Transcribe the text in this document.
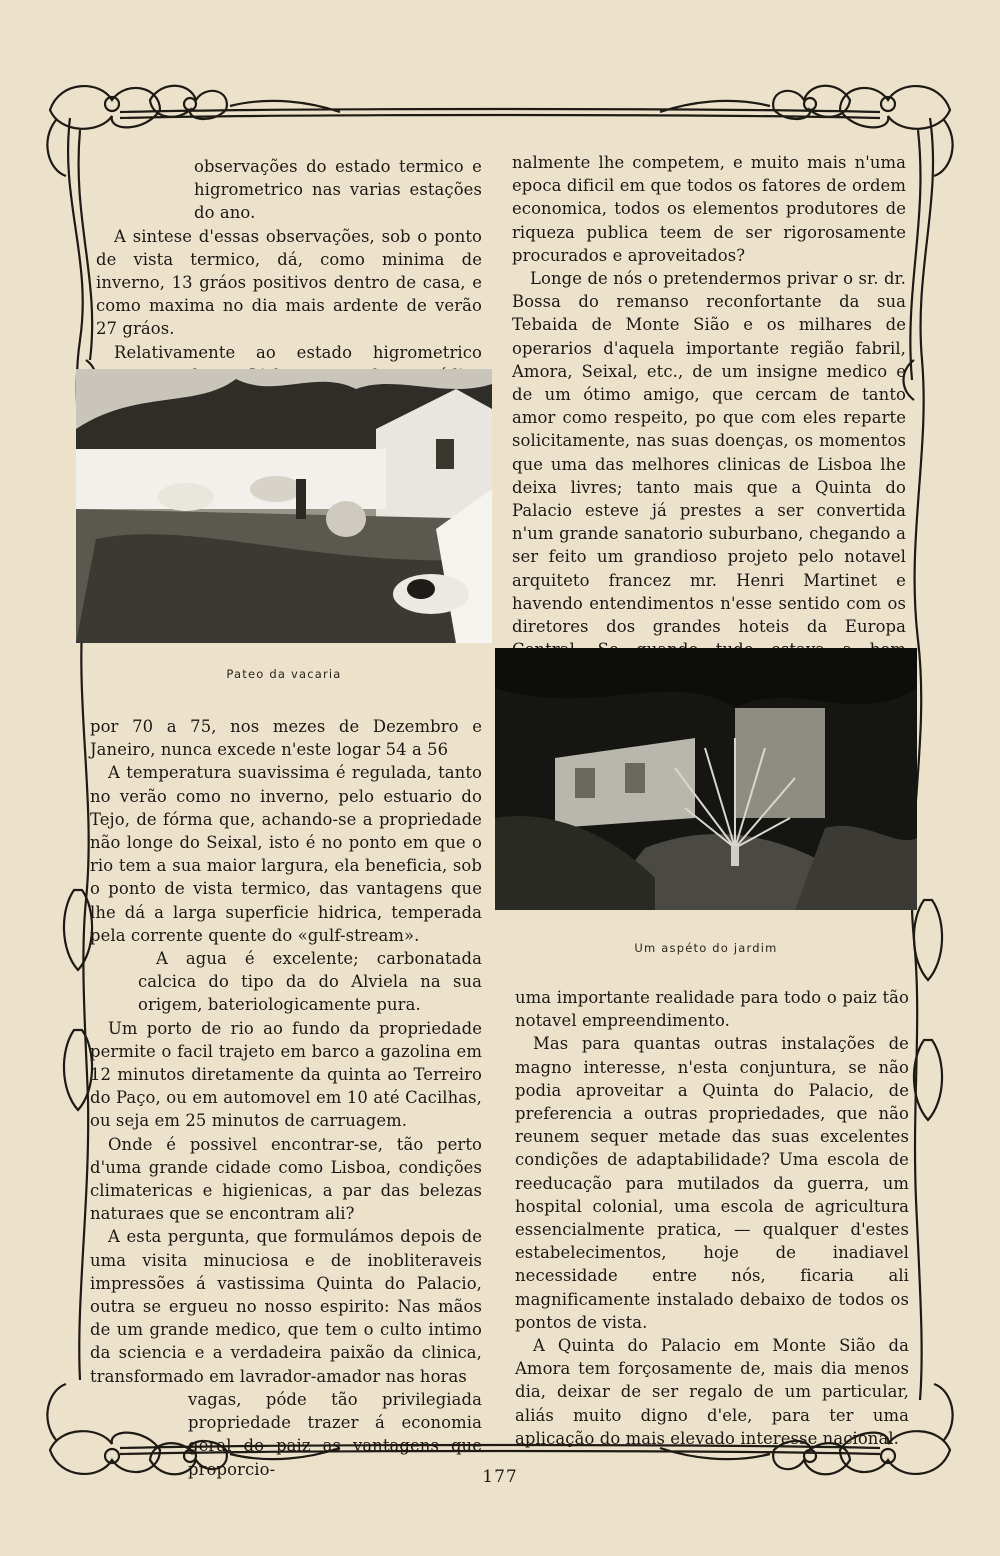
observações do estado termico e higrometrico nas varias estações do ano.

A sintese d'essas observações, sob o ponto de vista termico, dá, como minima de inverno, 13 gráos positivos dentro de casa, e como maxima no dia mais ardente de verão 27 gráos.

Relativamente ao estado higrometrico

Pateo da vacaria

por 70 a 75, nos mezes de Dezembro e Janeiro, nunca excede n'este logar 54 a 56

A temperatura suavissima é regulada, tanto no verão como no inverno, pelo estuario do Tejo, de fórma que, achando-se a propriedade não longe do Seixal, isto é no ponto em que o rio tem a sua maior largura, ela beneficia, sob o ponto de vista termico, das vantagens que lhe dá a larga superficie hidrica, temperada pela corrente quente do «gulf-stream».

A agua é excelente; carbonatada calcica do tipo da do Alviela na sua origem, bateriologicamente pura.

Um porto de rio ao fundo da propriedade permite o facil trajeto em barco a gazolina em 12 minutos diretamente da quinta ao Terreiro do Paço, ou em automovel em 10 até Cacilhas, ou seja em 25 minutos de carruagem.

Onde é possivel encontrar-se, tão perto d'uma grande cidade como Lisboa, condições climatericas e higienicas, a par das belezas naturaes que se encontram ali?

A esta pergunta, que formulámos depois de uma visita minuciosa e de inobliteraveis impressões á vastissima Quinta do Palacio, outra se ergueu no nosso espirito: Nas mãos de um grande medico, que tem o culto intimo da sciencia e a verdadeira paixão da clinica, transformado em lavrador-amador nas horas

vagas, póde tão privilegiada propriedade trazer á economia geral do paiz as vantagens que proporcio-

nalmente lhe competem, e muito mais n'uma epoca dificil em que todos os fatores de ordem economica, todos os elementos produtores de riqueza publica teem de ser rigorosamente procurados e aproveitados?

Longe de nós o pretendermos privar o sr. dr. Bossa do remanso reconfortante da sua Tebaida de Monte Sião e os milhares de operarios d'aquela importante região fabril, Amora, Seixal, etc., de um insigne medico e de um ótimo amigo, que cercam de tanto amor como respeito, po que com eles reparte solicitamente, nas suas doenças, os momentos que uma das melhores clinicas de Lisboa lhe deixa livres; tanto mais que a Quinta do Palacio esteve já prestes a ser convertida n'um grande sanatorio suburbano, chegando a ser feito um grandioso projeto pelo notavel arquiteto francez mr. Henri Martinet e havendo entendimentos n'esse sentido com os diretores dos grandes hoteis da Europa

Um aspéto do jardim

uma importante realidade para todo o paiz tão notavel empreendimento.

Mas para quantas outras instalações de magno interesse, n'esta conjuntura, se não podia aproveitar a Quinta do Palacio, de preferencia a outras propriedades, que não reunem sequer metade das suas excelentes condições de adaptabilidade? Uma escola de reeducação para mutilados da guerra, um hospital colonial, uma escola de agricultura essencialmente pratica, — qualquer d'estes estabelecimentos, hoje de inadiavel necessidade entre nós, ficaria ali magnificamente instalado debaixo de todos os pontos de vista.

A Quinta do Palacio em Monte Sião da Amora tem forçosamente de, mais dia menos dia, deixar de ser regalo de um particular, aliás muito digno d'ele, para ter uma aplicação do mais elevado interesse nacional.

177
